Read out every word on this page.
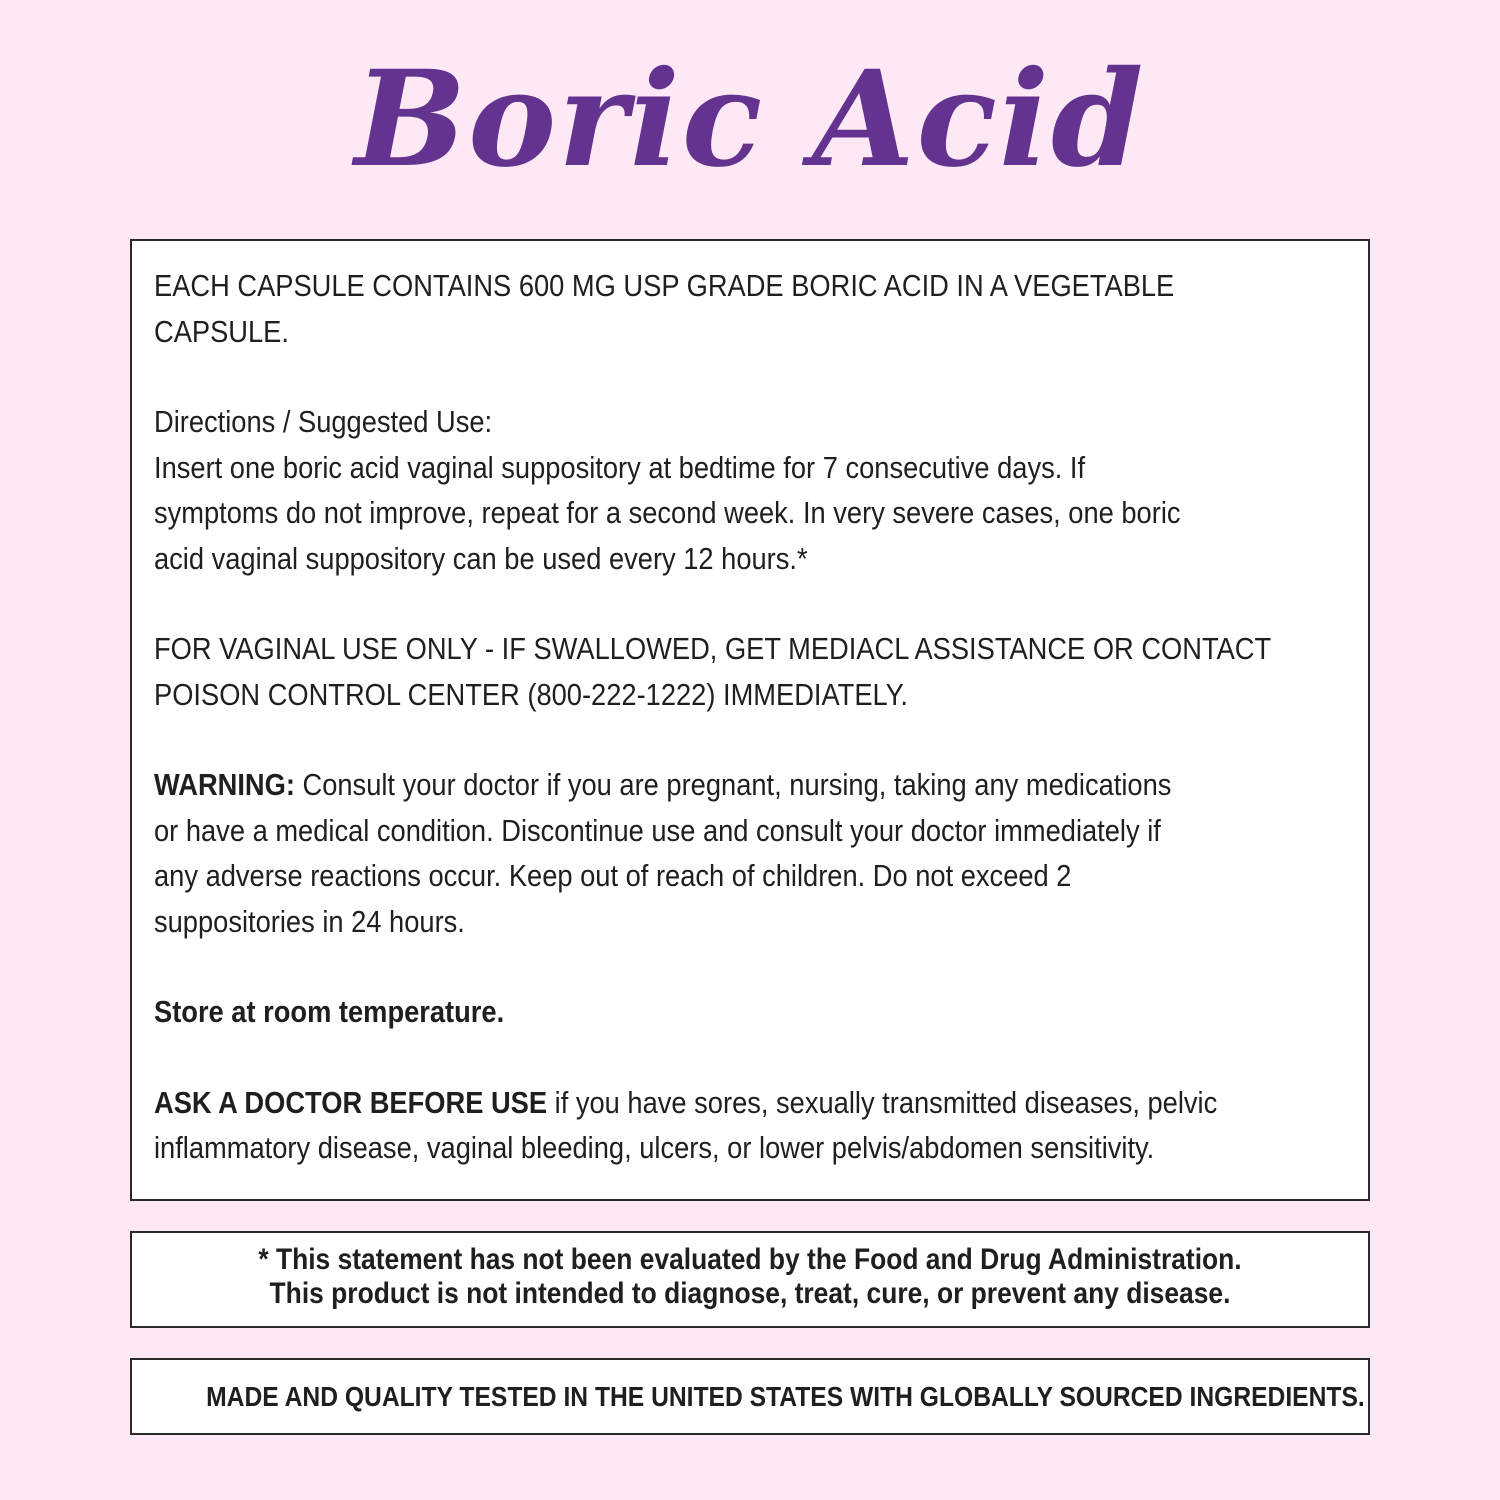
Boric Acid

EACH CAPSULE CONTAINS 600 MG USP GRADE BORIC ACID IN A VEGETABLE
CAPSULE.

Directions / Suggested Use:
Insert one boric acid vaginal suppository at bedtime for 7 consecutive days. If
symptoms do not improve, repeat for a second week. In very severe cases, one boric
acid vaginal suppository can be used every 12 hours.*

FOR VAGINAL USE ONLY - IF SWALLOWED, GET MEDIACL ASSISTANCE OR CONTACT
POISON CONTROL CENTER (800-222-1222) IMMEDIATELY.

WARNING: Consult your doctor if you are pregnant, nursing, taking any medications
or have a medical condition. Discontinue use and consult your doctor immediately if
any adverse reactions occur. Keep out of reach of children. Do not exceed 2
suppositories in 24 hours.

Store at room temperature.

ASK A DOCTOR BEFORE USE if you have sores, sexually transmitted diseases, pelvic
inflammatory disease, vaginal bleeding, ulcers, or lower pelvis/abdomen sensitivity.

* This statement has not been evaluated by the Food and Drug Administration.
This product is not intended to diagnose, treat, cure, or prevent any disease.
MADE AND QUALITY TESTED IN THE UNITED STATES WITH GLOBALLY SOURCED INGREDIENTS.
